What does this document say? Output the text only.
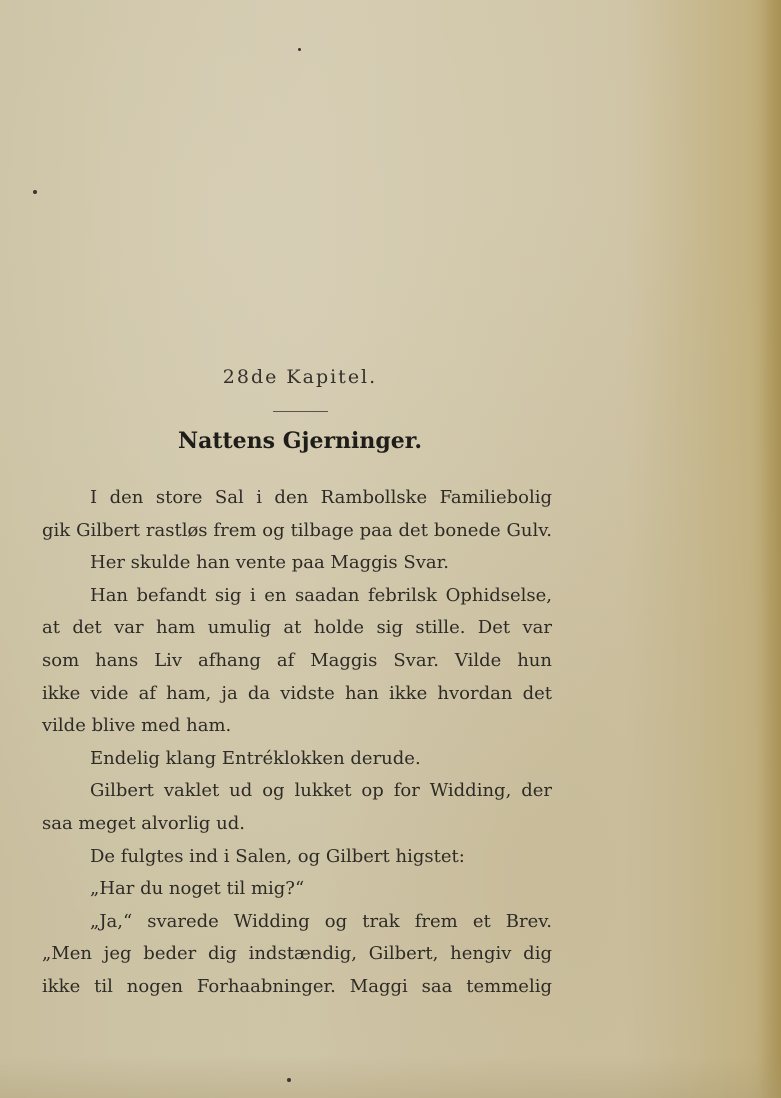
28de Kapitel.
Nattens Gjerninger.
I den store Sal i den Rambollske Familiebolig
gik Gilbert rastløs frem og tilbage paa det bonede Gulv.
Her skulde han vente paa Maggis Svar.
Han befandt sig i en saadan febrilsk Ophidselse,
at det var ham umulig at holde sig stille. Det var
som hans Liv afhang af Maggis Svar. Vilde hun
ikke vide af ham, ja da vidste han ikke hvordan det
vilde blive med ham.
Endelig klang Entréklokken derude.
Gilbert vaklet ud og lukket op for Widding, der
saa meget alvorlig ud.
De fulgtes ind i Salen, og Gilbert higstet:
„Har du noget til mig?“
„Ja,“ svarede Widding og trak frem et Brev.
„Men jeg beder dig indstændig, Gilbert, hengiv dig
ikke til nogen Forhaabninger. Maggi saa temmelig
